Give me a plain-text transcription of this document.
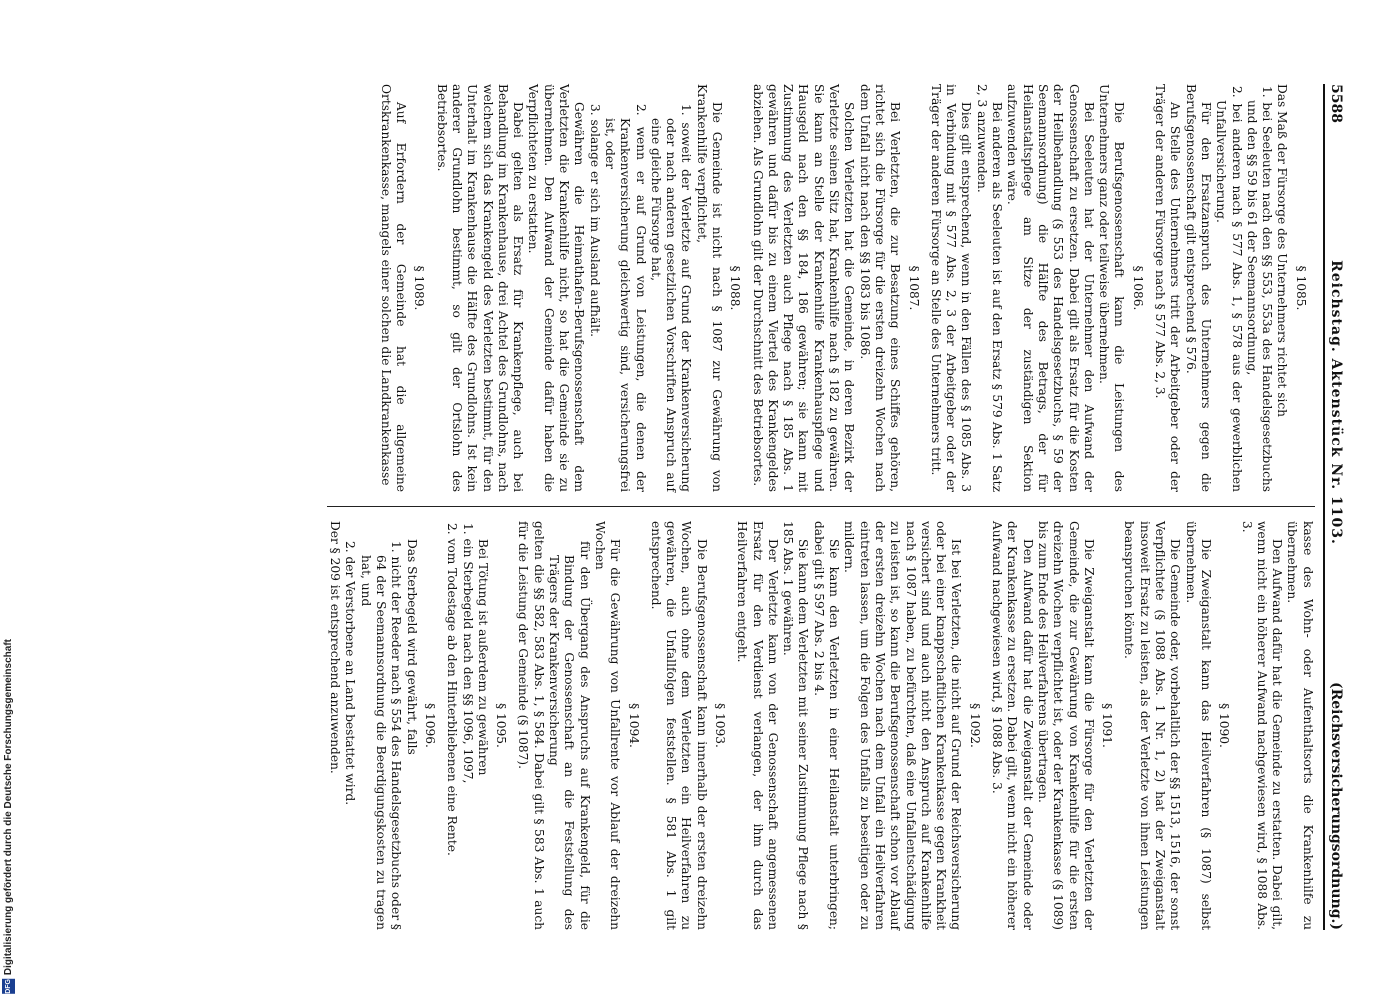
5588
Reichstag. Aktenstück Nr. 1103.
(Reichsversicherungsordnung.)
§ 1085.

Das Maß der Fürsorge des Unternehmers richtet sich

1. bei Seeleuten nach den §§ 553, 553a des Handelsgesetzbuchs und den §§ 59 bis 61 der Seemannsordnung,

2. bei anderen nach § 577 Abs. 1, § 578 aus der gewerblichen Unfallversicherung.

Für den Ersatzanspruch des Unternehmers gegen die Berufsgenossenschaft gilt entsprechend § 576.

An Stelle des Unternehmers tritt der Arbeitgeber oder der Träger der anderen Fürsorge nach § 577 Abs. 2, 3.

§ 1086.

Die Berufsgenossenschaft kann die Leistungen des Unternehmers ganz oder teilweise übernehmen.

Bei Seeleuten hat der Unternehmer den Aufwand der Genossenschaft zu ersetzen. Dabei gilt als Ersatz für die Kosten der Heilbehandlung (§ 553 des Handelsgesetzbuchs, § 59 der Seemannsordnung) die Hälfte des Betrags, der für Heilanstaltspflege am Sitze der zuständigen Sektion aufzuwenden wäre.

Bei anderen als Seeleuten ist auf den Ersatz § 579 Abs. 1 Satz 2, 3 anzuwenden.

Dies gilt entsprechend, wenn in den Fällen des § 1085 Abs. 3 in Verbindung mit § 577 Abs. 2, 3 der Arbeitgeber oder der Träger der anderen Fürsorge an Stelle des Unternehmers tritt.

§ 1087.

Bei Verletzten, die zur Besatzung eines Schiffes gehören, richtet sich die Fürsorge für die ersten dreizehn Wochen nach dem Unfall nicht nach den §§ 1083 bis 1086.

Solchen Verletzten hat die Gemeinde, in deren Bezirk der Verletzte seinen Sitz hat, Krankenhilfe nach § 182 zu gewähren. Sie kann an Stelle der Krankenhilfe Krankenhauspflege und Hausgeld nach den §§ 184, 186 gewähren; sie kann mit Zustimmung des Verletzten auch Pflege nach § 185 Abs. 1 gewähren und dafür bis zu einem Viertel des Krankengeldes abziehen. Als Grundlohn gilt der Durchschnitt des Betriebsortes.

§ 1088.

Die Gemeinde ist nicht nach § 1087 zur Gewährung von Krankenhilfe verpflichtet,

1. soweit der Verletzte auf Grund der Krankenversicherung oder nach anderen gesetzlichen Vorschriften Anspruch auf eine gleiche Fürsorge hat,

2. wenn er auf Grund von Leistungen, die denen der Krankenversicherung gleichwertig sind, versicherungsfrei ist, oder

3. solange er sich im Ausland aufhält.

Gewähren die Heimathafen-Berufsgenossenschaft dem Verletzten die Krankenhilfe nicht, so hat die Gemeinde sie zu übernehmen. Den Aufwand der Gemeinde dafür haben die Verpflichteten zu erstatten.

Dabei gelten als Ersatz für Krankenpflege, auch bei Behandlung im Krankenhause, drei Achtel des Grundlohns, nach welchem sich das Krankengeld des Verletzten bestimmt, für den Unterhalt im Krankenhause die Hälfte des Grundlohns. Ist kein anderer Grundlohn bestimmt, so gilt der Ortslohn des Betriebsortes.

§ 1089.

Auf Erfordern der Gemeinde hat die allgemeine Ortskrankenkasse, mangels einer solchen die Landkrankenkasse

kasse des Wohn- oder Aufenthaltsorts die Krankenhilfe zu übernehmen.

Den Aufwand dafür hat die Gemeinde zu erstatten. Dabei gilt, wenn nicht ein höherer Aufwand nachgewiesen wird, § 1088 Abs. 3.

§ 1090.

Die Zweiganstalt kann das Heilverfahren (§ 1087) selbst übernehmen.

Die Gemeinde oder, vorbehaltlich der §§ 1513, 1516, der sonst Verpflichtete (§ 1088 Abs. 1 Nr. 1, 2) hat der Zweiganstalt insoweit Ersatz zu leisten, als der Verletzte von ihnen Leistungen beanspruchen könnte.

§ 1091.

Die Zweiganstalt kann die Fürsorge für den Verletzten der Gemeinde, die zur Gewährung von Krankenhilfe für die ersten dreizehn Wochen verpflichtet ist, oder der Krankenkasse (§ 1089) bis zum Ende des Heilverfahrens übertragen.

Den Aufwand dafür hat die Zweiganstalt der Gemeinde oder der Krankenkasse zu ersetzen. Dabei gilt, wenn nicht ein höherer Aufwand nachgewiesen wird, § 1088 Abs. 3.

§ 1092.

Ist bei Verletzten, die nicht auf Grund der Reichsversicherung oder bei einer knappschaftlichen Krankenkasse gegen Krankheit versichert sind und auch nicht den Anspruch auf Krankenhilfe nach § 1087 haben, zu befürchten, daß eine Unfallentschädigung zu leisten ist, so kann die Berufsgenossenschaft schon vor Ablauf der ersten dreizehn Wochen nach dem Unfall ein Heilverfahren eintreten lassen, um die Folgen des Unfalls zu beseitigen oder zu mildern.

Sie kann den Verletzten in einer Heilanstalt unterbringen; dabei gilt § 597 Abs. 2 bis 4.

Sie kann dem Verletzten mit seiner Zustimmung Pflege nach § 185 Abs. 1 gewähren.

Der Verletzte kann von der Genossenschaft angemessenen Ersatz für den Verdienst verlangen, der ihm durch das Heilverfahren entgeht.

§ 1093.

Die Berufsgenossenschaft kann innerhalb der ersten dreizehn Wochen, auch ohne dem Verletzten ein Heilverfahren zu gewähren, die Unfallfolgen feststellen. § 581 Abs. 1 gilt entsprechend.

§ 1094.

Für die Gewährung von Unfallrente vor Ablauf der dreizehn Wochen

für den Übergang des Anspruchs auf Krankengeld, für die Bindung der Genossenschaft an die Feststellung des Trägers der Krankenversicherung

gelten die §§ 582, 583 Abs. 1, § 584. Dabei gilt § 583 Abs. 1 auch für die Leistung der Gemeinde (§ 1087).

§ 1095.

Bei Tötung ist außerdem zu gewähren

1. ein Sterbegeld nach den §§ 1096, 1097,

2. vom Todestage ab den Hinterbliebenen eine Rente.

§ 1096.

Das Sterbegeld wird gewährt, falls

1. nicht der Reeder nach § 554 des Handelsgesetzbuchs oder § 64 der Seemannsordnung die Beerdigungskosten zu tragen hat, und

2. der Verstorbene an Land bestattet wird.

Der § 209 ist entsprechend anzuwenden.

DFG
Digitalisierung gefördert durch die Deutsche Forschungsgemeinschaft
